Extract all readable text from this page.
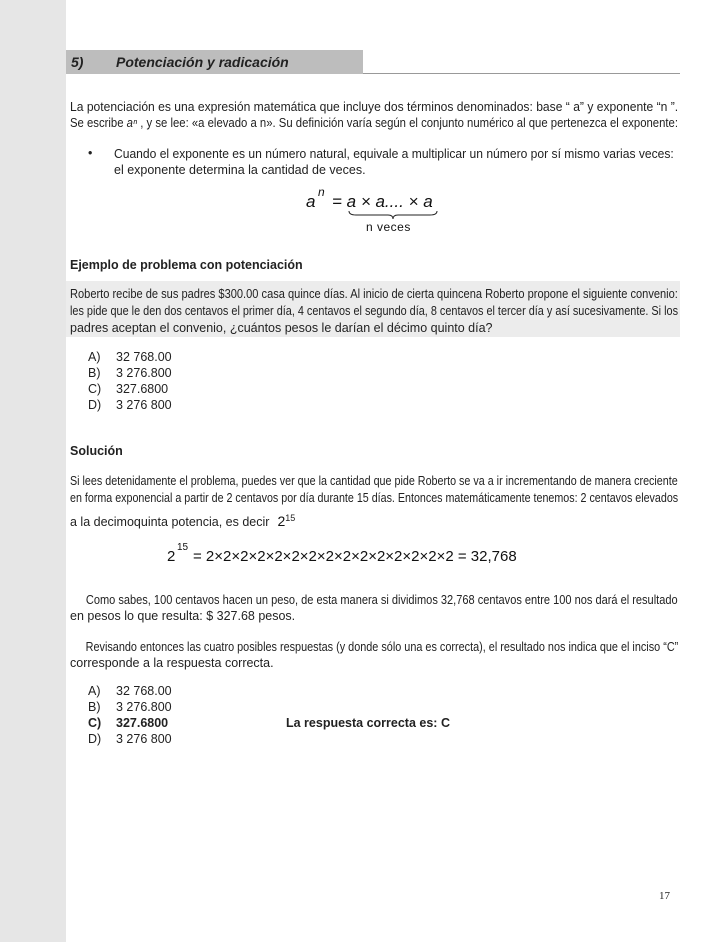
5) Potenciación y radicación
La potenciación es una expresión matemática que incluye dos términos denominados: base “ a” y exponente “n ”.
Se escribe aⁿ , y se lee: «a elevado a n». Su definición varía según el conjunto numérico al que pertenezca el exponente:
• Cuando el exponente es un número natural, equivale a multiplicar un número por sí mismo varias veces:
el exponente determina la cantidad de veces.
a n = a × a.... × a
n veces
Ejemplo de problema con potenciación
Roberto recibe de sus padres $300.00 casa quince días. Al inicio de cierta quincena Roberto propone el siguiente convenio:
les pide que le den dos centavos el primer día, 4 centavos el segundo día, 8 centavos el tercer día y así sucesivamente. Si los
padres aceptan el convenio, ¿cuántos pesos le darían el décimo quinto día?
A) 32 768.00
B) 3 276.800
C) 327.6800
D) 3 276 800
Solución
Si lees detenidamente el problema, puedes ver que la cantidad que pide Roberto se va a ir incrementando de manera creciente
en forma exponencial a partir de 2 centavos por día durante 15 días. Entonces matemáticamente tenemos: 2 centavos elevados
a la decimoquinta potencia, es decir $2^{15}$
2
15
= 2×2×2×2×2×2×2×2×2×2×2×2×2×2×2 = 32,768
Como sabes, 100 centavos hacen un peso, de esta manera si dividimos 32,768 centavos entre 100 nos dará el resultado
en pesos lo que resulta: $ 327.68 pesos.
Revisando entonces las cuatro posibles respuestas (y donde sólo una es correcta), el resultado nos indica que el inciso “C”
corresponde a la respuesta correcta.
A) 32 768.00
B) 3 276.800
C) 327.6800
D) 3 276 800
La respuesta correcta es: C
17
